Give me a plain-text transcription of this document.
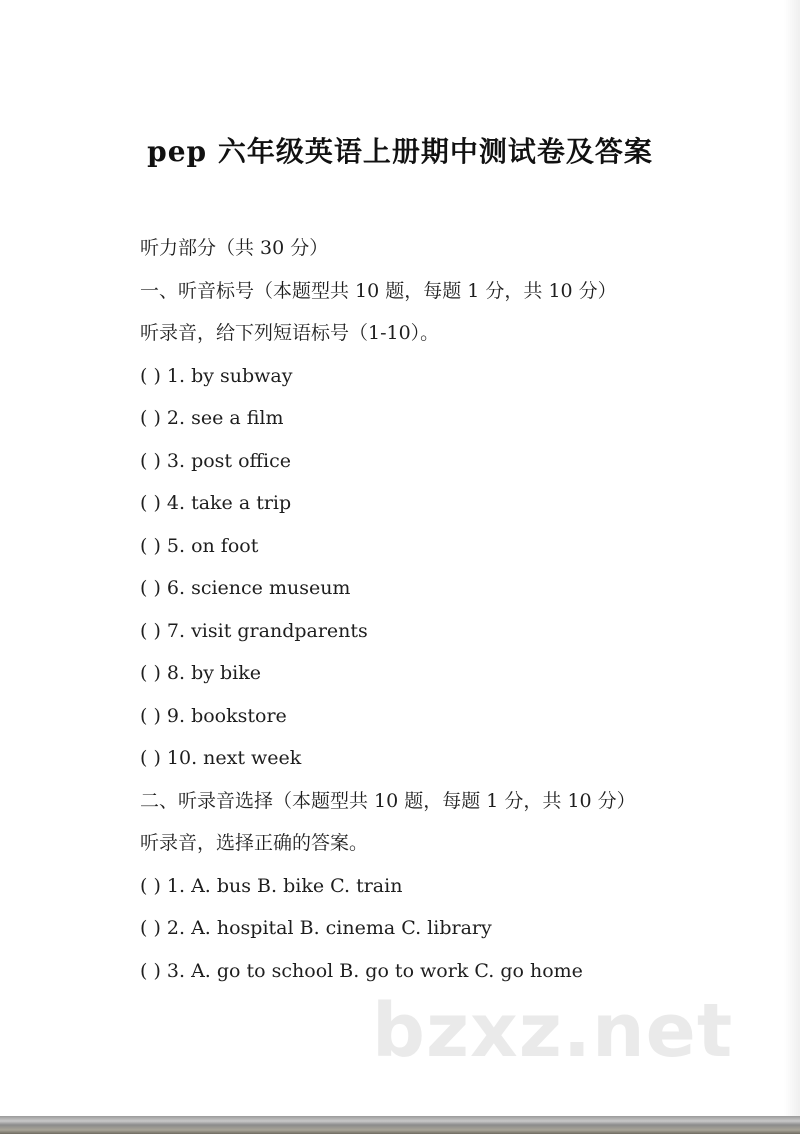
pep 六年级英语上册期中测试卷及答案
听力部分（共 30 分）
一、听音标号（本题型共 10 题，每题 1 分，共 10 分）
听录音，给下列短语标号（1-10）。
( ) 1. by subway
( ) 2. see a film
( ) 3. post office
( ) 4. take a trip
( ) 5. on foot
( ) 6. science museum
( ) 7. visit grandparents
( ) 8. by bike
( ) 9. bookstore
( ) 10. next week
二、听录音选择（本题型共 10 题，每题 1 分，共 10 分）
听录音，选择正确的答案。
( ) 1. A. bus B. bike C. train
( ) 2. A. hospital B. cinema C. library
( ) 3. A. go to school B. go to work C. go home
bzxz.net
